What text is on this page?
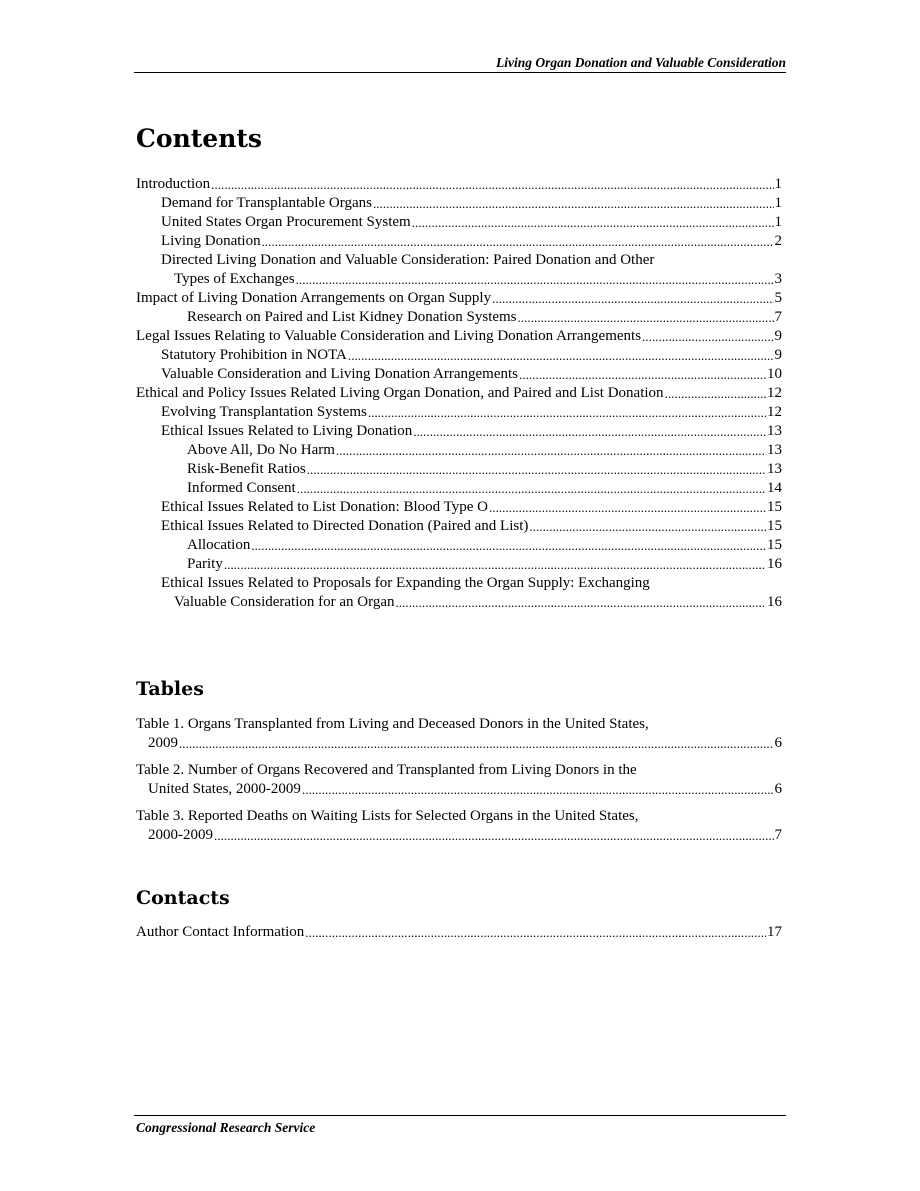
Living Organ Donation and Valuable Consideration
Contents
Introduction . . .	1
Demand for Transplantable Organs . . .	1
United States Organ Procurement System . . .	1
Living Donation . . .	2
Directed Living Donation and Valuable Consideration: Paired Donation and Other
Types of Exchanges . . .	3
Impact of Living Donation Arrangements on Organ Supply . . .	5
Research on Paired and List Kidney Donation Systems . . .	7
Legal Issues Relating to Valuable Consideration and Living Donation Arrangements . . .	9
Statutory Prohibition in NOTA . . .	9
Valuable Consideration and Living Donation Arrangements . . .	10
Ethical and Policy Issues Related Living Organ Donation, and Paired and List Donation . . .	12
Evolving Transplantation Systems . . .	12
Ethical Issues Related to Living Donation . . .	13
Above All, Do No Harm . . .	13
Risk-Benefit Ratios . . .	13
Informed Consent . . .	14
Ethical Issues Related to List Donation: Blood Type O . . .	15
Ethical Issues Related to Directed Donation (Paired and List) . . .	15
Allocation . . .	15
Parity . . .	16
Ethical Issues Related to Proposals for Expanding the Organ Supply: Exchanging
Valuable Consideration for an Organ . . .	16
Tables
Table 1. Organs Transplanted from Living and Deceased Donors in the United States,
2009 . . .	6
Table 2. Number of Organs Recovered and Transplanted from Living Donors in the
United States, 2000-2009 . . .	6
Table 3. Reported Deaths on Waiting Lists for Selected Organs in the United States,
2000-2009 . . .	7
Contacts
Author Contact Information . . .	17
Congressional Research Service
